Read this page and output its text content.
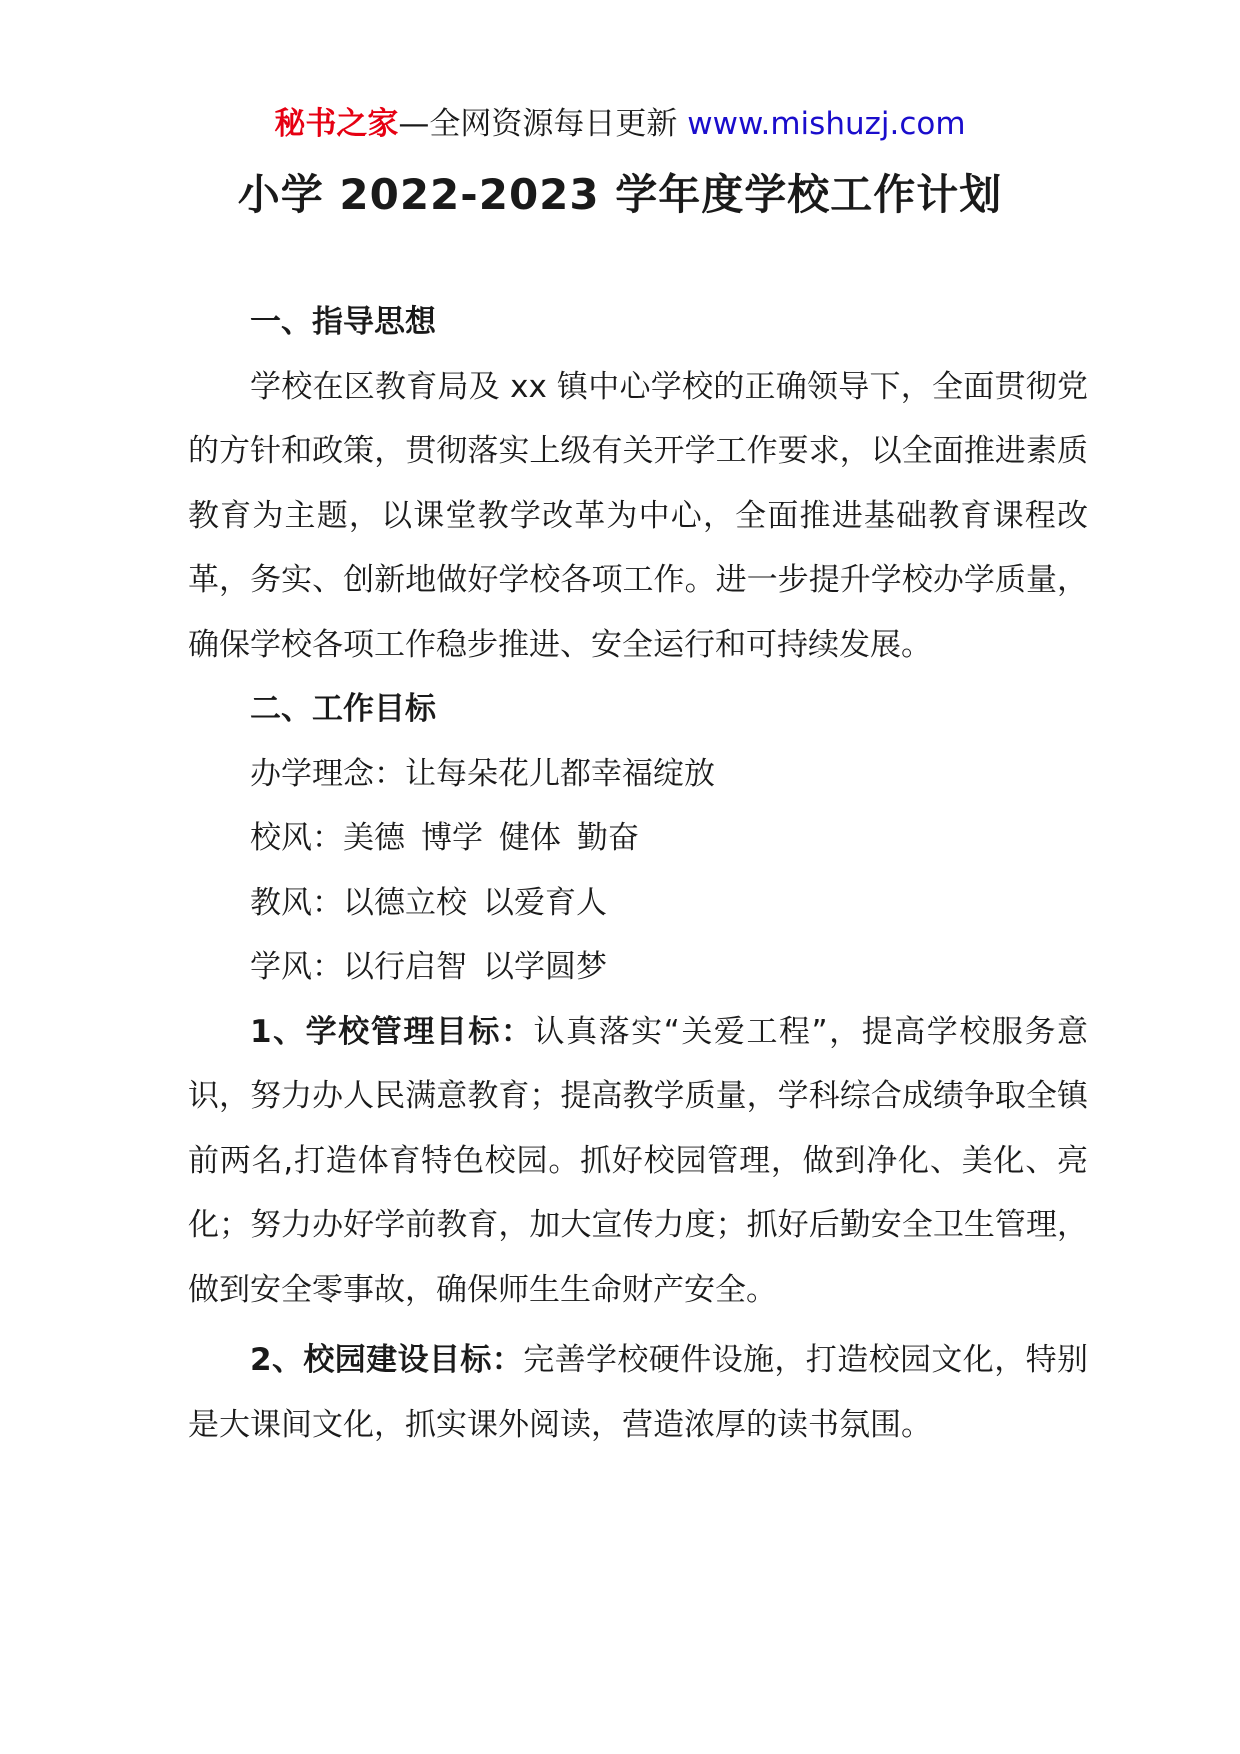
秘书之家—全网资源每日更新 www.mishuzj.com
小学 2022-2023 学年度学校工作计划

一、指导思想

学校在区教育局及 xx 镇中心学校的正确领导下，全面贯彻党的方针和政策，贯彻落实上级有关开学工作要求，以全面推进素质教育为主题，以课堂教学改革为中心，全面推进基础教育课程改革，务实、创新地做好学校各项工作。进一步提升学校办学质量，确保学校各项工作稳步推进、安全运行和可持续发展。

二、工作目标

办学理念：让每朵花儿都幸福绽放

校风：美德 博学 健体 勤奋

教风：以德立校 以爱育人

学风：以行启智 以学圆梦

1、学校管理目标：认真落实“关爱工程”，提高学校服务意识，努力办人民满意教育；提高教学质量，学科综合成绩争取全镇前两名,打造体育特色校园。抓好校园管理，做到净化、美化、亮化；努力办好学前教育，加大宣传力度；抓好后勤安全卫生管理，做到安全零事故，确保师生生命财产安全。

2、校园建设目标：完善学校硬件设施，打造校园文化，特别是大课间文化，抓实课外阅读，营造浓厚的读书氛围。
